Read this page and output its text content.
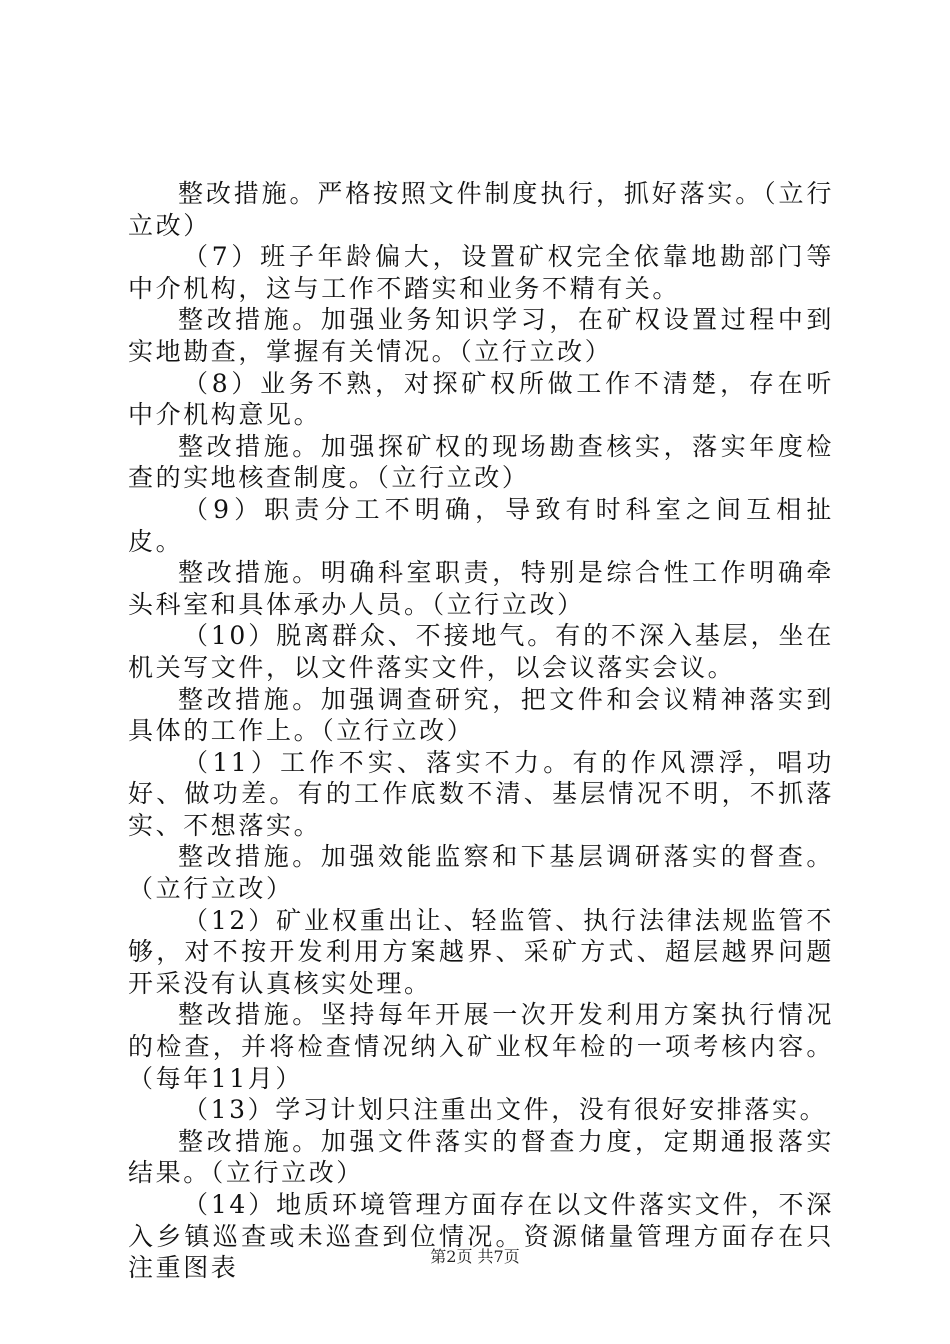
整改措施。严格按照文件制度执行，抓好落实。（立行立改）

（7）班子年龄偏大，设置矿权完全依靠地勘部门等中介机构，这与工作不踏实和业务不精有关。

整改措施。加强业务知识学习，在矿权设置过程中到实地勘查，掌握有关情况。（立行立改）

（8）业务不熟，对探矿权所做工作不清楚，存在听中介机构意见。

整改措施。加强探矿权的现场勘查核实，落实年度检查的实地核查制度。（立行立改）

（9）职责分工不明确，导致有时科室之间互相扯皮。

整改措施。明确科室职责，特别是综合性工作明确牵头科室和具体承办人员。（立行立改）

（10）脱离群众、不接地气。有的不深入基层，坐在机关写文件，以文件落实文件，以会议落实会议。

整改措施。加强调查研究，把文件和会议精神落实到具体的工作上。（立行立改）

（11）工作不实、落实不力。有的作风漂浮，唱功好、做功差。有的工作底数不清、基层情况不明，不抓落实、不想落实。

整改措施。加强效能监察和下基层调研落实的督查。（立行立改）

（12）矿业权重出让、轻监管、执行法律法规监管不够，对不按开发利用方案越界、采矿方式、超层越界问题开采没有认真核实处理。

整改措施。坚持每年开展一次开发利用方案执行情况的检查，并将检查情况纳入矿业权年检的一项考核内容。（每年11月）

（13）学习计划只注重出文件，没有很好安排落实。

整改措施。加强文件落实的督查力度，定期通报落实结果。（立行立改）

（14）地质环境管理方面存在以文件落实文件，不深入乡镇巡查或未巡查到位情况。资源储量管理方面存在只注重图表	第2页 共7页
